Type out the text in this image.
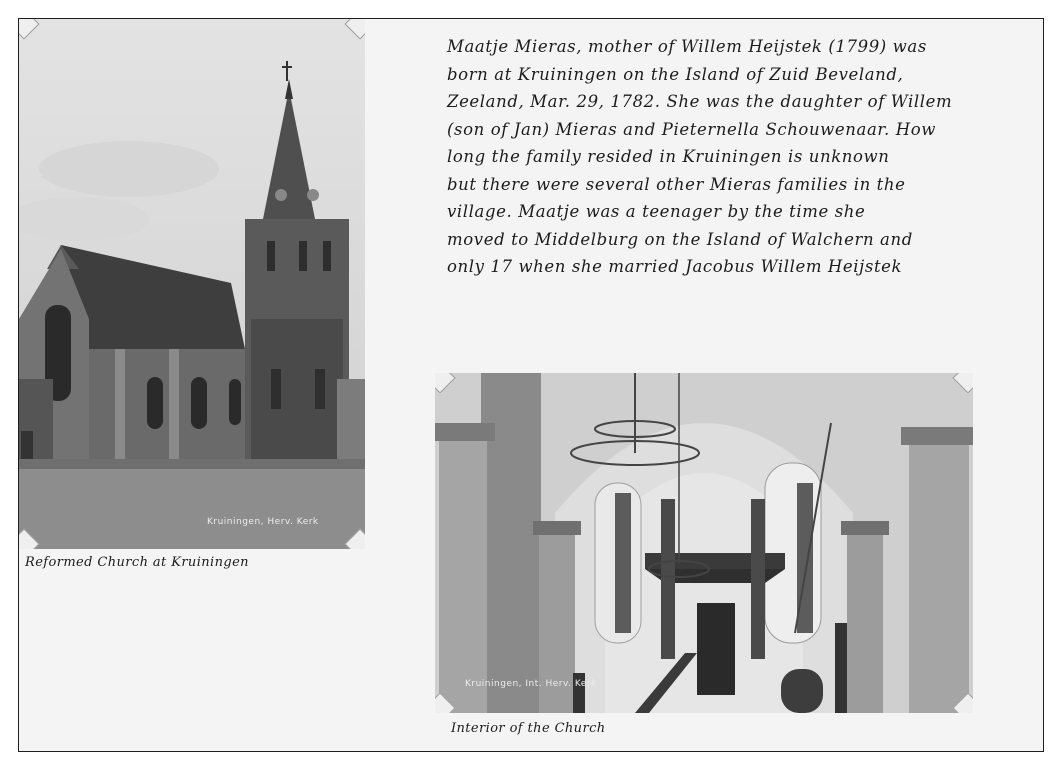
Kruiningen, Herv. Kerk
Maatje Mieras, mother of Willem Heijstek (1799) was
born at Kruiningen on the Island of Zuid Beveland,
Zeeland, Mar. 29, 1782. She was the daughter of Willem
(son of Jan) Mieras and Pieternella Schouwenaar. How
long the family resided in Kruiningen is unknown
but there were several other Mieras families in the
village. Maatje was a teenager by the time she
moved to Middelburg on the Island of Walchern and
only 17 when she married Jacobus Willem Heijstek
Reformed Church at Kruiningen
Kruiningen, Int. Herv. Kerk
Interior of the Church
